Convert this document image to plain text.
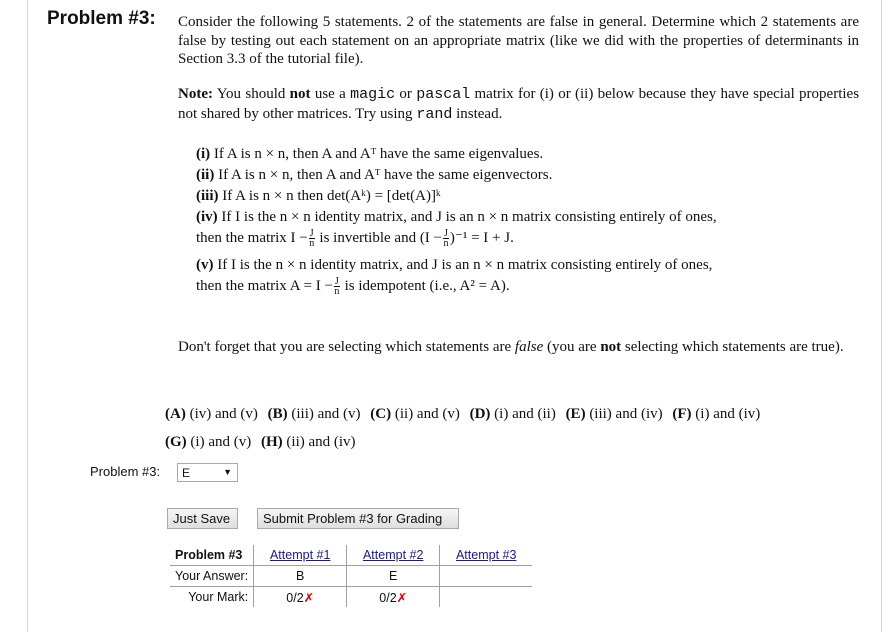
Problem #3: Consider the following 5 statements. 2 of the statements are false in general. Determine which 2 statements are false by testing out each statement on an appropriate matrix (like we did with the properties of determinants in Section 3.3 of the tutorial file).
Note: You should not use a magic or pascal matrix for (i) or (ii) below because they have special properties not shared by other matrices. Try using rand instead.
(i) If A is n × n, then A and Aᵀ have the same eigenvalues.
(ii) If A is n × n, then A and Aᵀ have the same eigenvectors.
(iii) If A is n × n then det(Aᵏ) = [det(A)]ᵏ
(iv) If I is the n × n identity matrix, and J is an n × n matrix consisting entirely of ones,
then the matrix $I - \frac{J}{n}$ is invertible and $(I - \frac{J}{n} )^{-1} = I + J$.
(v) If I is the n × n identity matrix, and J is an n × n matrix consisting entirely of ones,
then the matrix $A = I - \frac{J}{n}$ is idempotent (i.e., A² = A).
Don't forget that you are selecting which statements are false (you are not selecting which statements are true).
(A) (iv) and (v) (B) (iii) and (v) (C) (ii) and (v) (D) (i) and (ii) (E) (iii) and (iv) (F) (i) and (iv)
(G) (i) and (v) (H) (ii) and (iv)
Problem #3: E	▼
Just Save	Submit Problem #3 for Grading
Problem #3	Attempt #1	Attempt #2	Attempt #3
Your Answer:	B	E	
Your Mark:	0/2✗	0/2✗	
